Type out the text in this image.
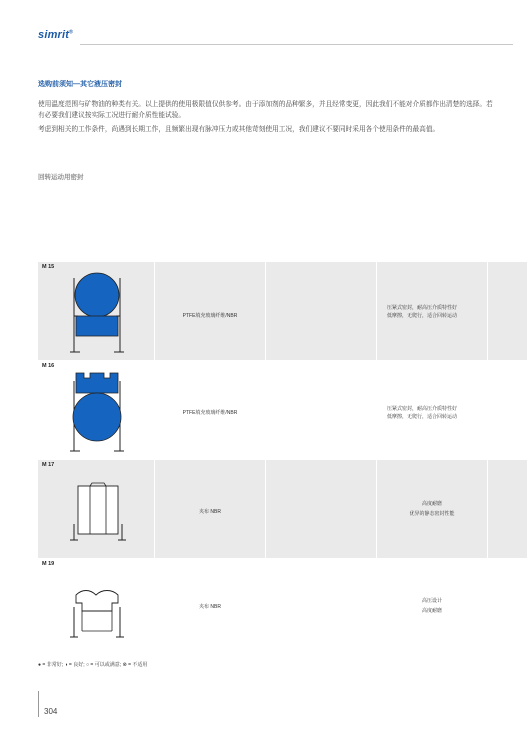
simrit®
选购前须知—其它液压密封
使用温度范围与矿物油的种类有关。以上提供的使用极限值仅供参考。由于添加剂的品种繁多，并且经常变更，因此我们不能对介质都作出清楚的选择。若有必要我们建议按实际工况进行耐介质性能试验。
考虑到相关的工作条件，尚遇到长期工作，且频繁出现有脉冲压力或其他苛刻使用工况，我们建议不要同时采用各个使用条件的最高值。
回转运动用密封
M 15
PTFE填充玻璃纤维/NBR
压紧式密封，耐高压介质特性好
低摩擦，无爬行，适合回转运动
M 16
PTFE填充玻璃纤维/NBR
压紧式密封，耐高压介质特性好
低摩擦，无爬行，适合回转运动
M 17
夹布 NBR
高度耐磨
优异的静态密封性能
M 19
夹布 NBR
高压设计
高度耐磨
● = 非常好; ◑ = 良好; ○ = 可以或满意; ⊗ = 不适用
304
